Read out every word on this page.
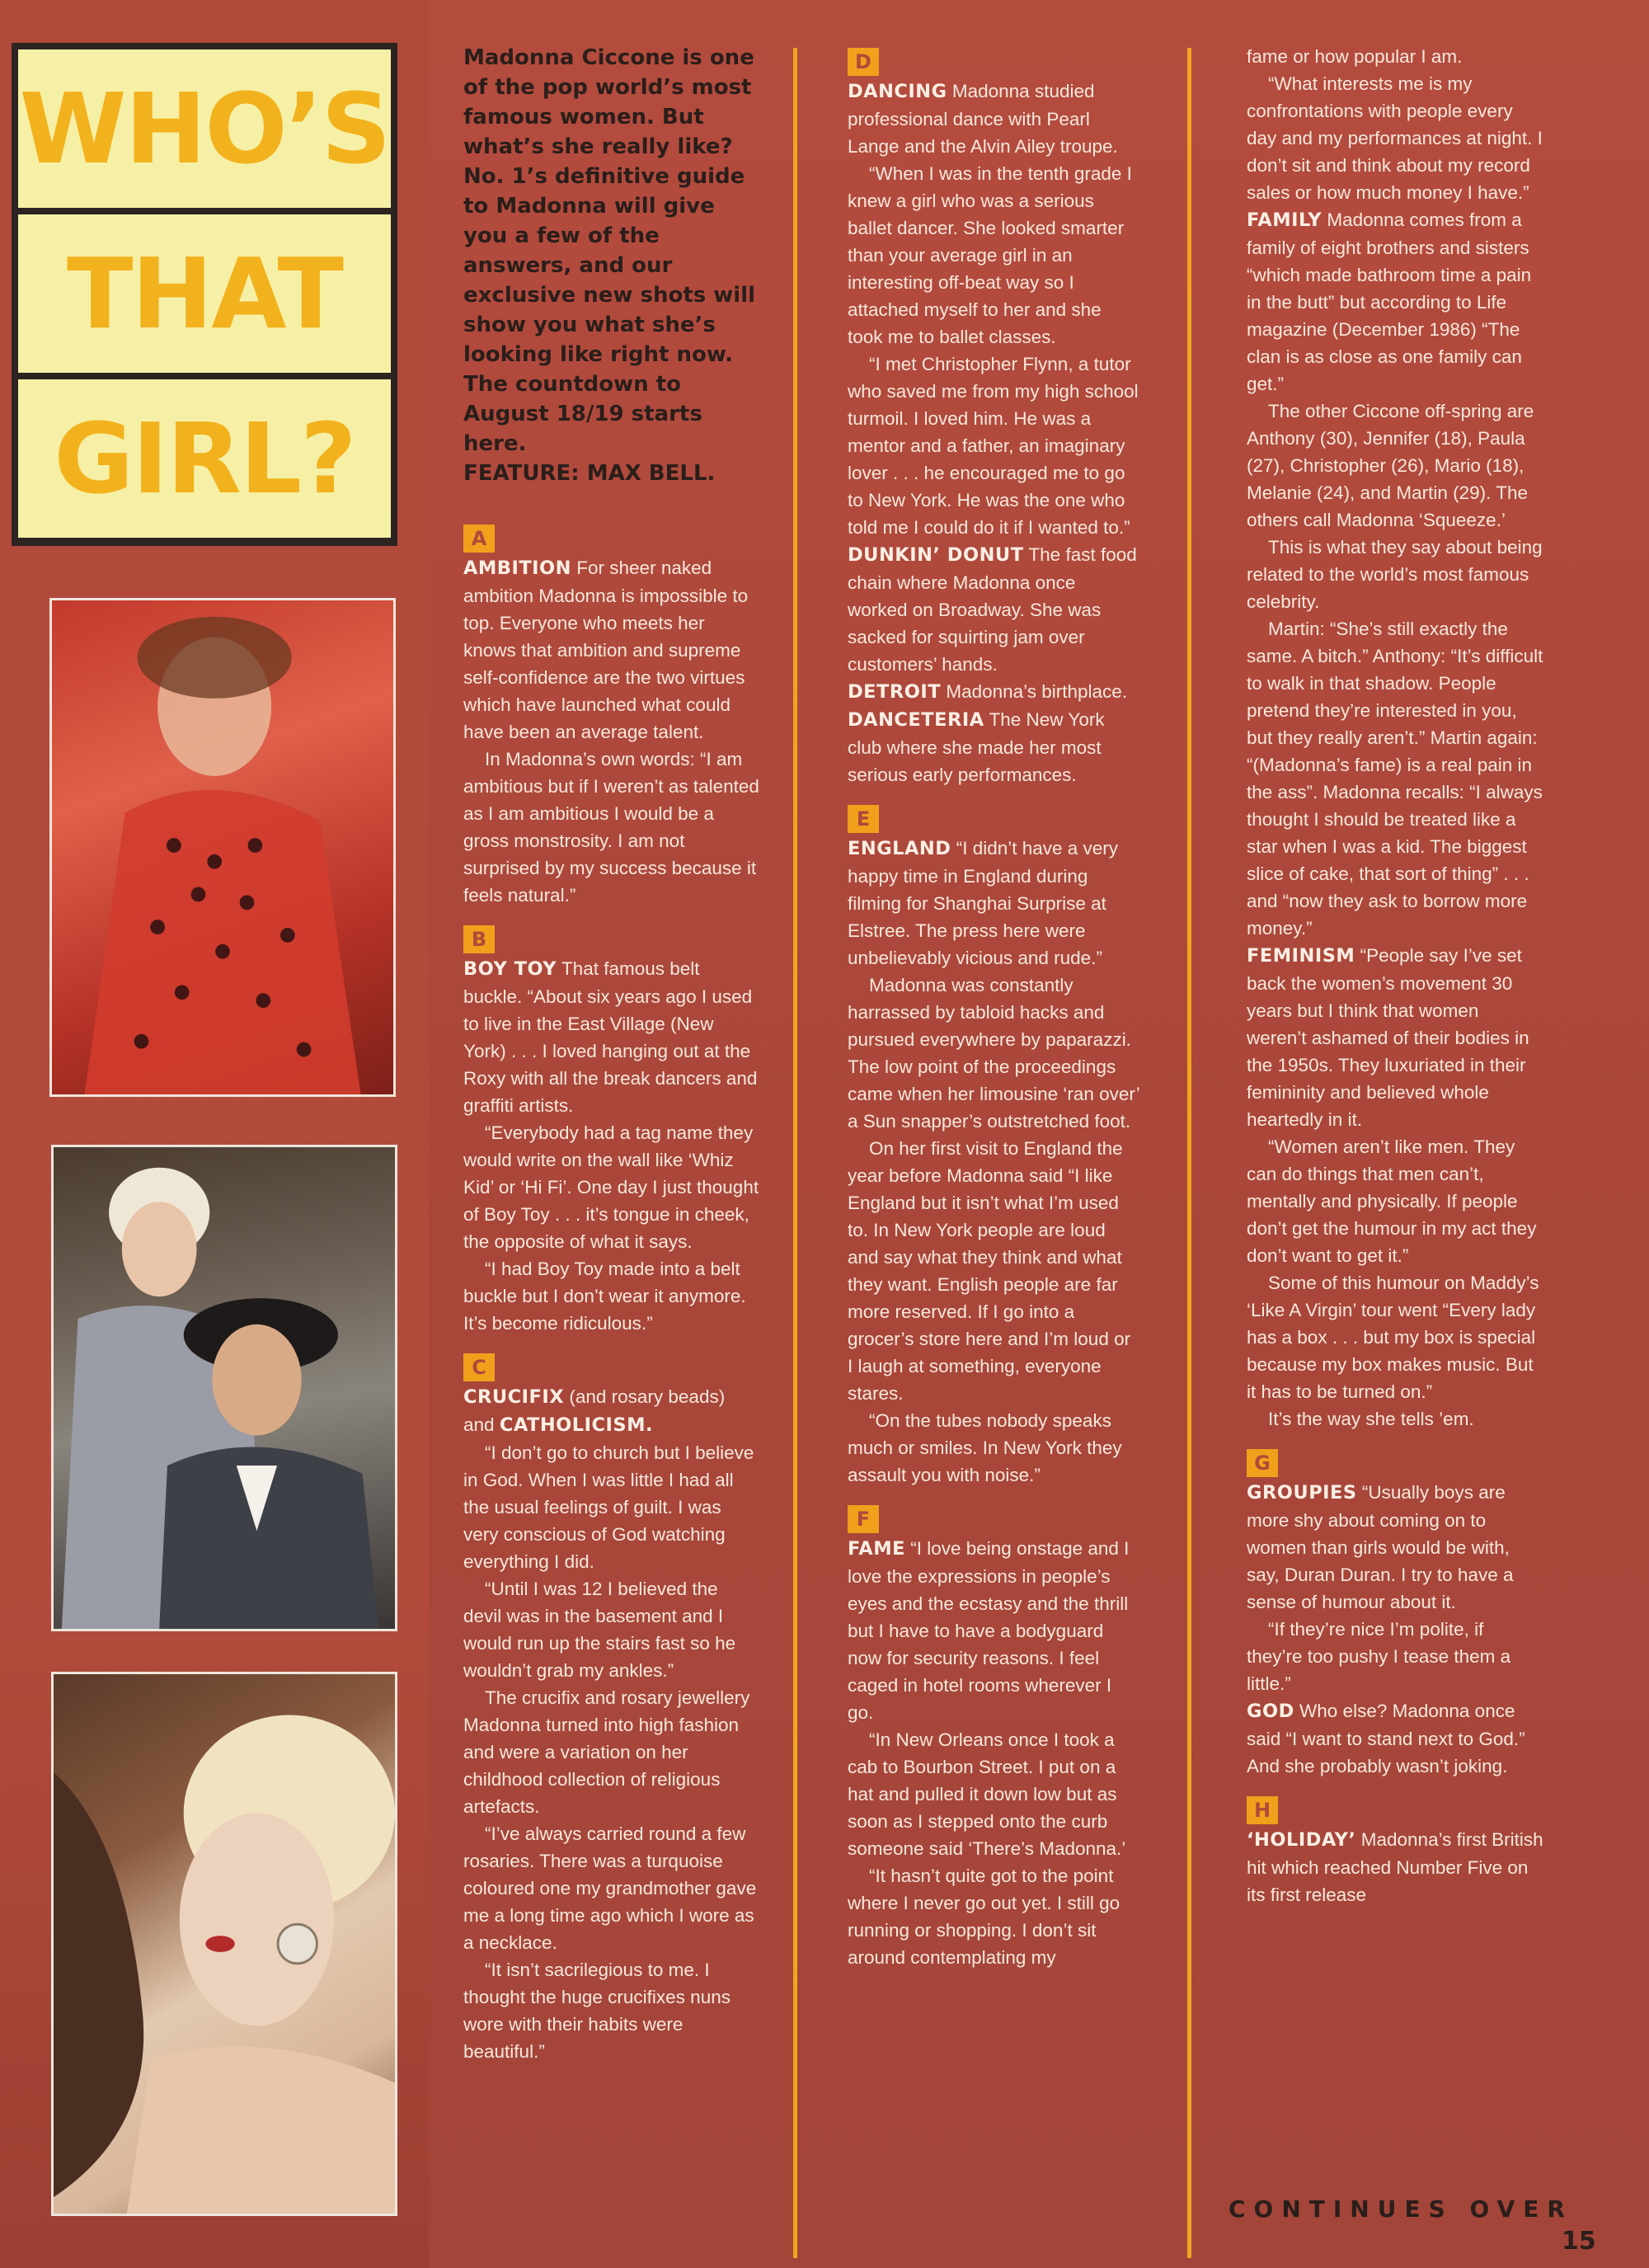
WHO’S
THAT
GIRL?
Madonna Ciccone is one of the pop world’s most famous women. But what’s she really like? No. 1’s definitive guide to Madonna will give you a few of the answers, and our exclusive new shots will show you what she’s looking like right now. The countdown to August 18/19 starts here.
FEATURE: MAX BELL.
A

AMBITION For sheer naked ambition Madonna is impossible to top. Everyone who meets her knows that ambition and supreme self-confidence are the two virtues which have launched what could have been an average talent.

In Madonna’s own words: “I am ambitious but if I weren’t as talented as I am ambitious I would be a gross monstrosity. I am not surprised by my success because it feels natural.”

B

BOY TOY That famous belt buckle. “About six years ago I used to live in the East Village (New York) . . . I loved hanging out at the Roxy with all the break dancers and graffiti artists.

“Everybody had a tag name they would write on the wall like ‘Whiz Kid’ or ‘Hi Fi’. One day I just thought of Boy Toy . . . it’s tongue in cheek, the opposite of what it says.

“I had Boy Toy made into a belt buckle but I don’t wear it anymore. It’s become ridiculous.”

C

CRUCIFIX (and rosary beads) and CATHOLICISM.

“I don’t go to church but I believe in God. When I was little I had all the usual feelings of guilt. I was very conscious of God watching everything I did.

“Until I was 12 I believed the devil was in the basement and I would run up the stairs fast so he wouldn’t grab my ankles.”

The crucifix and rosary jewellery Madonna turned into high fashion and were a variation on her childhood collection of religious artefacts.

“I’ve always carried round a few rosaries. There was a turquoise coloured one my grandmother gave me a long time ago which I wore as a necklace.

“It isn’t sacrilegious to me. I thought the huge crucifixes nuns wore with their habits were beautiful.”

D

DANCING Madonna studied professional dance with Pearl Lange and the Alvin Ailey troupe.

“When I was in the tenth grade I knew a girl who was a serious ballet dancer. She looked smarter than your average girl in an interesting off-beat way so I attached myself to her and she took me to ballet classes.

“I met Christopher Flynn, a tutor who saved me from my high school turmoil. I loved him. He was a mentor and a father, an imaginary lover . . . he encouraged me to go to New York. He was the one who told me I could do it if I wanted to.”

DUNKIN’ DONUT The fast food chain where Madonna once worked on Broadway. She was sacked for squirting jam over customers’ hands.

DETROIT Madonna’s birthplace.

DANCETERIA The New York club where she made her most serious early performances.

E

ENGLAND “I didn’t have a very happy time in England during filming for Shanghai Surprise at Elstree. The press here were unbelievably vicious and rude.”

Madonna was constantly harrassed by tabloid hacks and pursued everywhere by paparazzi. The low point of the proceedings came when her limousine ‘ran over’ a Sun snapper’s outstretched foot.

On her first visit to England the year before Madonna said “I like England but it isn’t what I’m used to. In New York people are loud and say what they think and what they want. English people are far more reserved. If I go into a grocer’s store here and I’m loud or I laugh at something, everyone stares.

“On the tubes nobody speaks much or smiles. In New York they assault you with noise.”

F

FAME “I love being onstage and I love the expressions in people’s eyes and the ecstasy and the thrill but I have to have a bodyguard now for security reasons. I feel caged in hotel rooms wherever I go.

“In New Orleans once I took a cab to Bourbon Street. I put on a hat and pulled it down low but as soon as I stepped onto the curb someone said ‘There’s Madonna.’

“It hasn’t quite got to the point where I never go out yet. I still go running or shopping. I don’t sit around contemplating my

fame or how popular I am.

“What interests me is my confrontations with people every day and my performances at night. I don’t sit and think about my record sales or how much money I have.”

FAMILY Madonna comes from a family of eight brothers and sisters “which made bathroom time a pain in the butt” but according to Life magazine (December 1986) “The clan is as close as one family can get.”

The other Ciccone off-spring are Anthony (30), Jennifer (18), Paula (27), Christopher (26), Mario (18), Melanie (24), and Martin (29). The others call Madonna ‘Squeeze.’

This is what they say about being related to the world’s most famous celebrity.

Martin: “She’s still exactly the same. A bitch.” Anthony: “It’s difficult to walk in that shadow. People pretend they’re interested in you, but they really aren’t.” Martin again: “(Madonna’s fame) is a real pain in the ass”. Madonna recalls: “I always thought I should be treated like a star when I was a kid. The biggest slice of cake, that sort of thing” . . . and “now they ask to borrow more money.”

FEMINISM “People say I’ve set back the women’s movement 30 years but I think that women weren’t ashamed of their bodies in the 1950s. They luxuriated in their femininity and believed whole heartedly in it.

“Women aren’t like men. They can do things that men can’t, mentally and physically. If people don’t get the humour in my act they don’t want to get it.”

Some of this humour on Maddy’s ‘Like A Virgin’ tour went “Every lady has a box . . . but my box is special because my box makes music. But it has to be turned on.”

It’s the way she tells ’em.

G

GROUPIES “Usually boys are more shy about coming on to women than girls would be with, say, Duran Duran. I try to have a sense of humour about it.

“If they’re nice I’m polite, if they’re too pushy I tease them a little.”

GOD Who else? Madonna once said “I want to stand next to God.” And she probably wasn’t joking.

H

‘HOLIDAY’ Madonna’s first British hit which reached Number Five on its first release

CONTINUES OVER
15
